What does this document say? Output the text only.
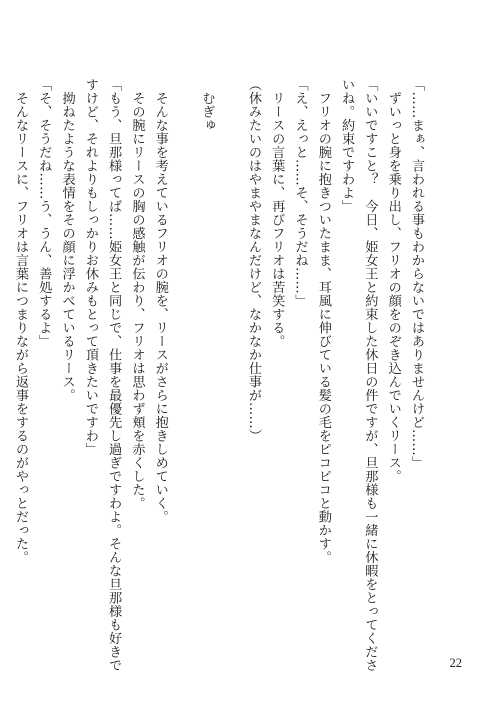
「……まぁ、言われる事もわからないではありませんけど……」
　ずいっと身を乗り出し、フリオの顔をのぞき込んでいくリース。
「いいですこと？　今日、姫女王と約束した休日の件ですが、旦那様も一緒に休暇をとってくださ
いね。約束ですわよ」
　フリオの腕に抱きついたまま、耳風に伸びている髪の毛をピコピコと動かす。
「え、えっと……そ、そうだね……」
　リースの言葉に、再びフリオは苦笑する。
（休みたいのはやまやまなんだけど、なかなか仕事が……）
　むぎゅ
　そんな事を考えているフリオの腕を、リースがさらに抱きしめていく。
　その腕にリースの胸の感触が伝わり、フリオは思わず頬を赤くした。
「もう、旦那様ってば……姫女王と同じで、仕事を最優先し過ぎですわよ。そんな旦那様も好きで
すけど、それよりもしっかりお休みもとって頂きたいですわ」
　拗ねたような表情をその顔に浮かべているリース。
「そ、そうだね……う、うん、善処するよ」
　そんなリースに、フリオは言葉につまりながら返事をするのがやっとだった。
22
